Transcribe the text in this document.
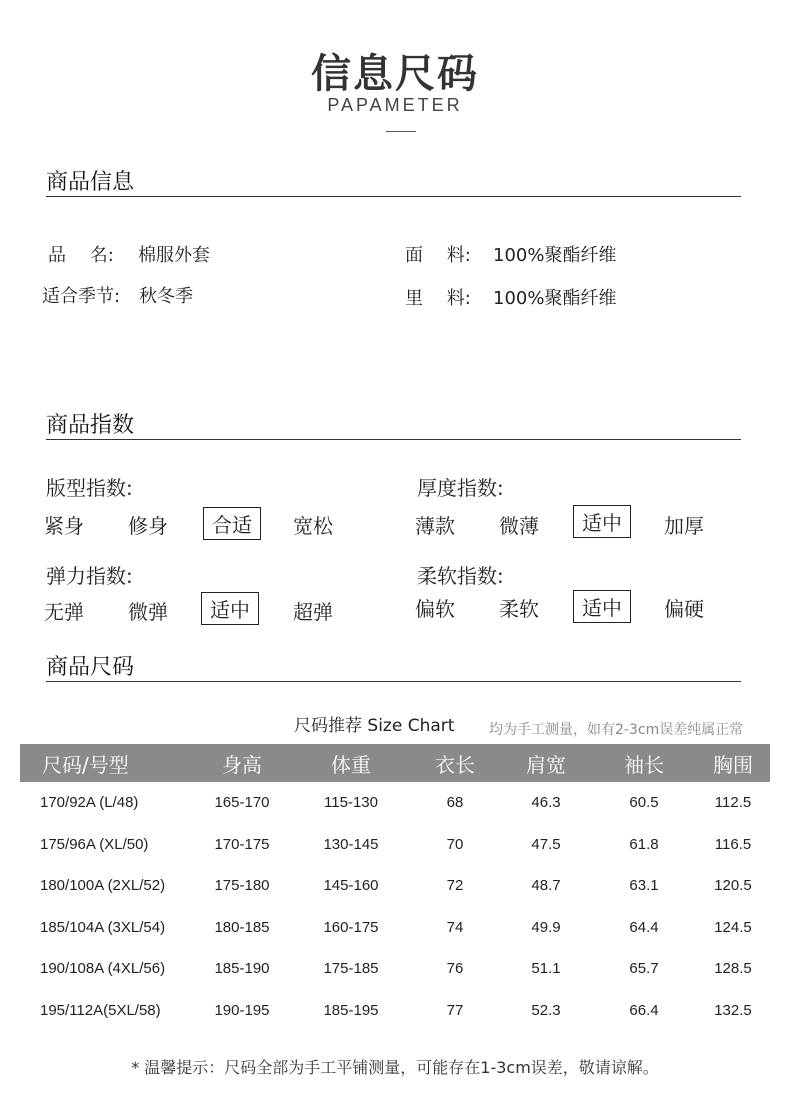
信息尺码
PAPAMETER
商品信息
品　 名: 棉服外套
适合季节: 秋冬季
面　 料: 100%聚酯纤维
里　 料: 100%聚酯纤维
商品指数
版型指数:
紧身 修身	合适	宽松
厚度指数:
薄款 微薄	适中	加厚
弹力指数:
无弹 微弹	适中	超弹
柔软指数:
偏软 柔软	适中	偏硬
商品尺码
尺码推荐 Size Chart 均为手工测量，如有2-3cm误差纯属正常
尺码/号型	身高	体重	衣长	肩宽	袖长	胸围
170/92A (L/48)	165-170	115-130	68	46.3	60.5	112.5
175/96A (XL/50)	170-175	130-145	70	47.5	61.8	116.5
180/100A (2XL/52)	175-180	145-160	72	48.7	63.1	120.5
185/104A (3XL/54)	180-185	160-175	74	49.9	64.4	124.5
190/108A (4XL/56)	185-190	175-185	76	51.1	65.7	128.5
195/112A(5XL/58)	190-195	185-195	77	52.3	66.4	132.5
* 温馨提示：尺码全部为手工平铺测量，可能存在1-3cm误差，敬请谅解。
